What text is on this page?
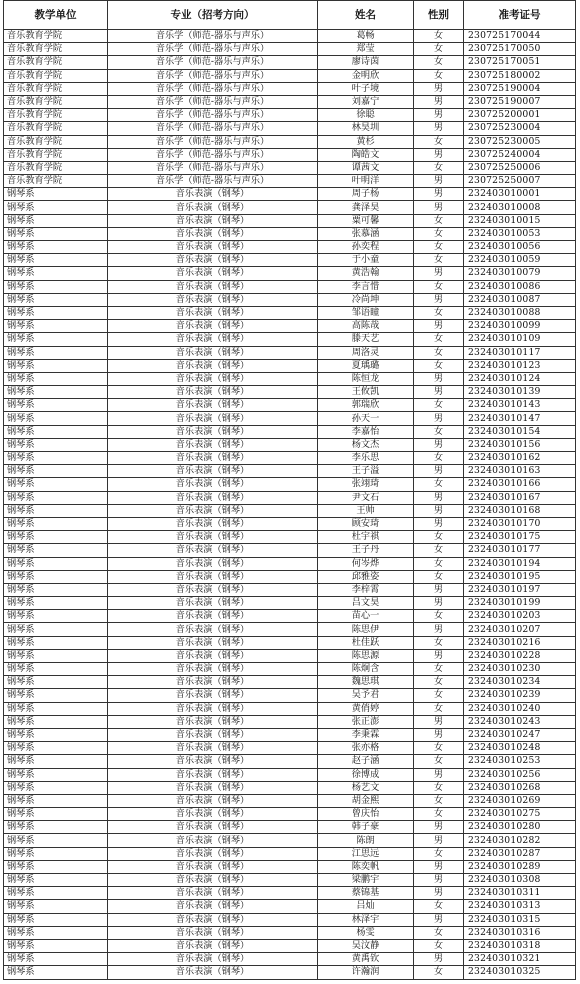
教学单位	专业（招考方向）	姓名	性别	准考证号
音乐教育学院	音乐学（师范-器乐与声乐）	葛畅	女	230725170044
音乐教育学院	音乐学（师范-器乐与声乐）	郑莹	女	230725170050
音乐教育学院	音乐学（师范-器乐与声乐）	廖诗茵	女	230725170051
音乐教育学院	音乐学（师范-器乐与声乐）	金明欣	女	230725180002
音乐教育学院	音乐学（师范-器乐与声乐）	叶子境	男	230725190004
音乐教育学院	音乐学（师范-器乐与声乐）	刘嘉宁	男	230725190007
音乐教育学院	音乐学（师范-器乐与声乐）	徐聪	男	230725200001
音乐教育学院	音乐学（师范-器乐与声乐）	林昊圳	男	230725230004
音乐教育学院	音乐学（师范-器乐与声乐）	黄杉	女	230725230005
音乐教育学院	音乐学（师范-器乐与声乐）	陶皓文	男	230725240004
音乐教育学院	音乐学（师范-器乐与声乐）	谭茜文	女	230725250006
音乐教育学院	音乐学（师范-器乐与声乐）	叶明洋	男	230725250007
钢琴系	音乐表演（钢琴）	周子杨	男	232403010001
钢琴系	音乐表演（钢琴）	龚泽昊	男	232403010008
钢琴系	音乐表演（钢琴）	粟可馨	女	232403010015
钢琴系	音乐表演（钢琴）	张慕涵	女	232403010053
钢琴系	音乐表演（钢琴）	孙奕程	女	232403010056
钢琴系	音乐表演（钢琴）	于小童	女	232403010059
钢琴系	音乐表演（钢琴）	黄浩翰	男	232403010079
钢琴系	音乐表演（钢琴）	李言惜	女	232403010086
钢琴系	音乐表演（钢琴）	冷尚坤	男	232403010087
钢琴系	音乐表演（钢琴）	邹语瞳	女	232403010088
钢琴系	音乐表演（钢琴）	高陈哉	男	232403010099
钢琴系	音乐表演（钢琴）	滕天艺	女	232403010109
钢琴系	音乐表演（钢琴）	周洛灵	女	232403010117
钢琴系	音乐表演（钢琴）	夏瑀璐	女	232403010123
钢琴系	音乐表演（钢琴）	陈恒龙	男	232403010124
钢琴系	音乐表演（钢琴）	王攸凯	男	232403010139
钢琴系	音乐表演（钢琴）	郭瑞欣	女	232403010143
钢琴系	音乐表演（钢琴）	孙天一	男	232403010147
钢琴系	音乐表演（钢琴）	李嘉怡	女	232403010154
钢琴系	音乐表演（钢琴）	杨文杰	男	232403010156
钢琴系	音乐表演（钢琴）	李乐思	女	232403010162
钢琴系	音乐表演（钢琴）	王子溢	男	232403010163
钢琴系	音乐表演（钢琴）	张翊琦	女	232403010166
钢琴系	音乐表演（钢琴）	尹文石	男	232403010167
钢琴系	音乐表演（钢琴）	王帅	男	232403010168
钢琴系	音乐表演（钢琴）	顾安琦	男	232403010170
钢琴系	音乐表演（钢琴）	杜宇祺	女	232403010175
钢琴系	音乐表演（钢琴）	王子丹	女	232403010177
钢琴系	音乐表演（钢琴）	何岑烨	女	232403010194
钢琴系	音乐表演（钢琴）	邱雅姿	女	232403010195
钢琴系	音乐表演（钢琴）	李梓霄	男	232403010197
钢琴系	音乐表演（钢琴）	吕文昊	男	232403010199
钢琴系	音乐表演（钢琴）	苗心一	女	232403010203
钢琴系	音乐表演（钢琴）	陈思伊	男	232403010207
钢琴系	音乐表演（钢琴）	杜佳跃	女	232403010216
钢琴系	音乐表演（钢琴）	陈思源	男	232403010228
钢琴系	音乐表演（钢琴）	陈炯含	女	232403010230
钢琴系	音乐表演（钢琴）	魏思琪	女	232403010234
钢琴系	音乐表演（钢琴）	吴予君	女	232403010239
钢琴系	音乐表演（钢琴）	黄俏婷	女	232403010240
钢琴系	音乐表演（钢琴）	张正澎	男	232403010243
钢琴系	音乐表演（钢琴）	李秉霖	男	232403010247
钢琴系	音乐表演（钢琴）	张亦格	女	232403010248
钢琴系	音乐表演（钢琴）	赵子涵	女	232403010253
钢琴系	音乐表演（钢琴）	徐博成	男	232403010256
钢琴系	音乐表演（钢琴）	杨艺文	女	232403010268
钢琴系	音乐表演（钢琴）	胡金熙	女	232403010269
钢琴系	音乐表演（钢琴）	曾庆怡	女	232403010275
钢琴系	音乐表演（钢琴）	韩子豪	男	232403010280
钢琴系	音乐表演（钢琴）	陈朗	男	232403010282
钢琴系	音乐表演（钢琴）	江思远	女	232403010287
钢琴系	音乐表演（钢琴）	陈奕帆	男	232403010289
钢琴系	音乐表演（钢琴）	梁鹏宇	男	232403010308
钢琴系	音乐表演（钢琴）	蔡锦基	男	232403010311
钢琴系	音乐表演（钢琴）	吕灿	女	232403010313
钢琴系	音乐表演（钢琴）	林泽宇	男	232403010315
钢琴系	音乐表演（钢琴）	杨雯	女	232403010316
钢琴系	音乐表演（钢琴）	吴汶静	女	232403010318
钢琴系	音乐表演（钢琴）	黄禹钦	男	232403010321
钢琴系	音乐表演（钢琴）	许瀚润	女	232403010325
